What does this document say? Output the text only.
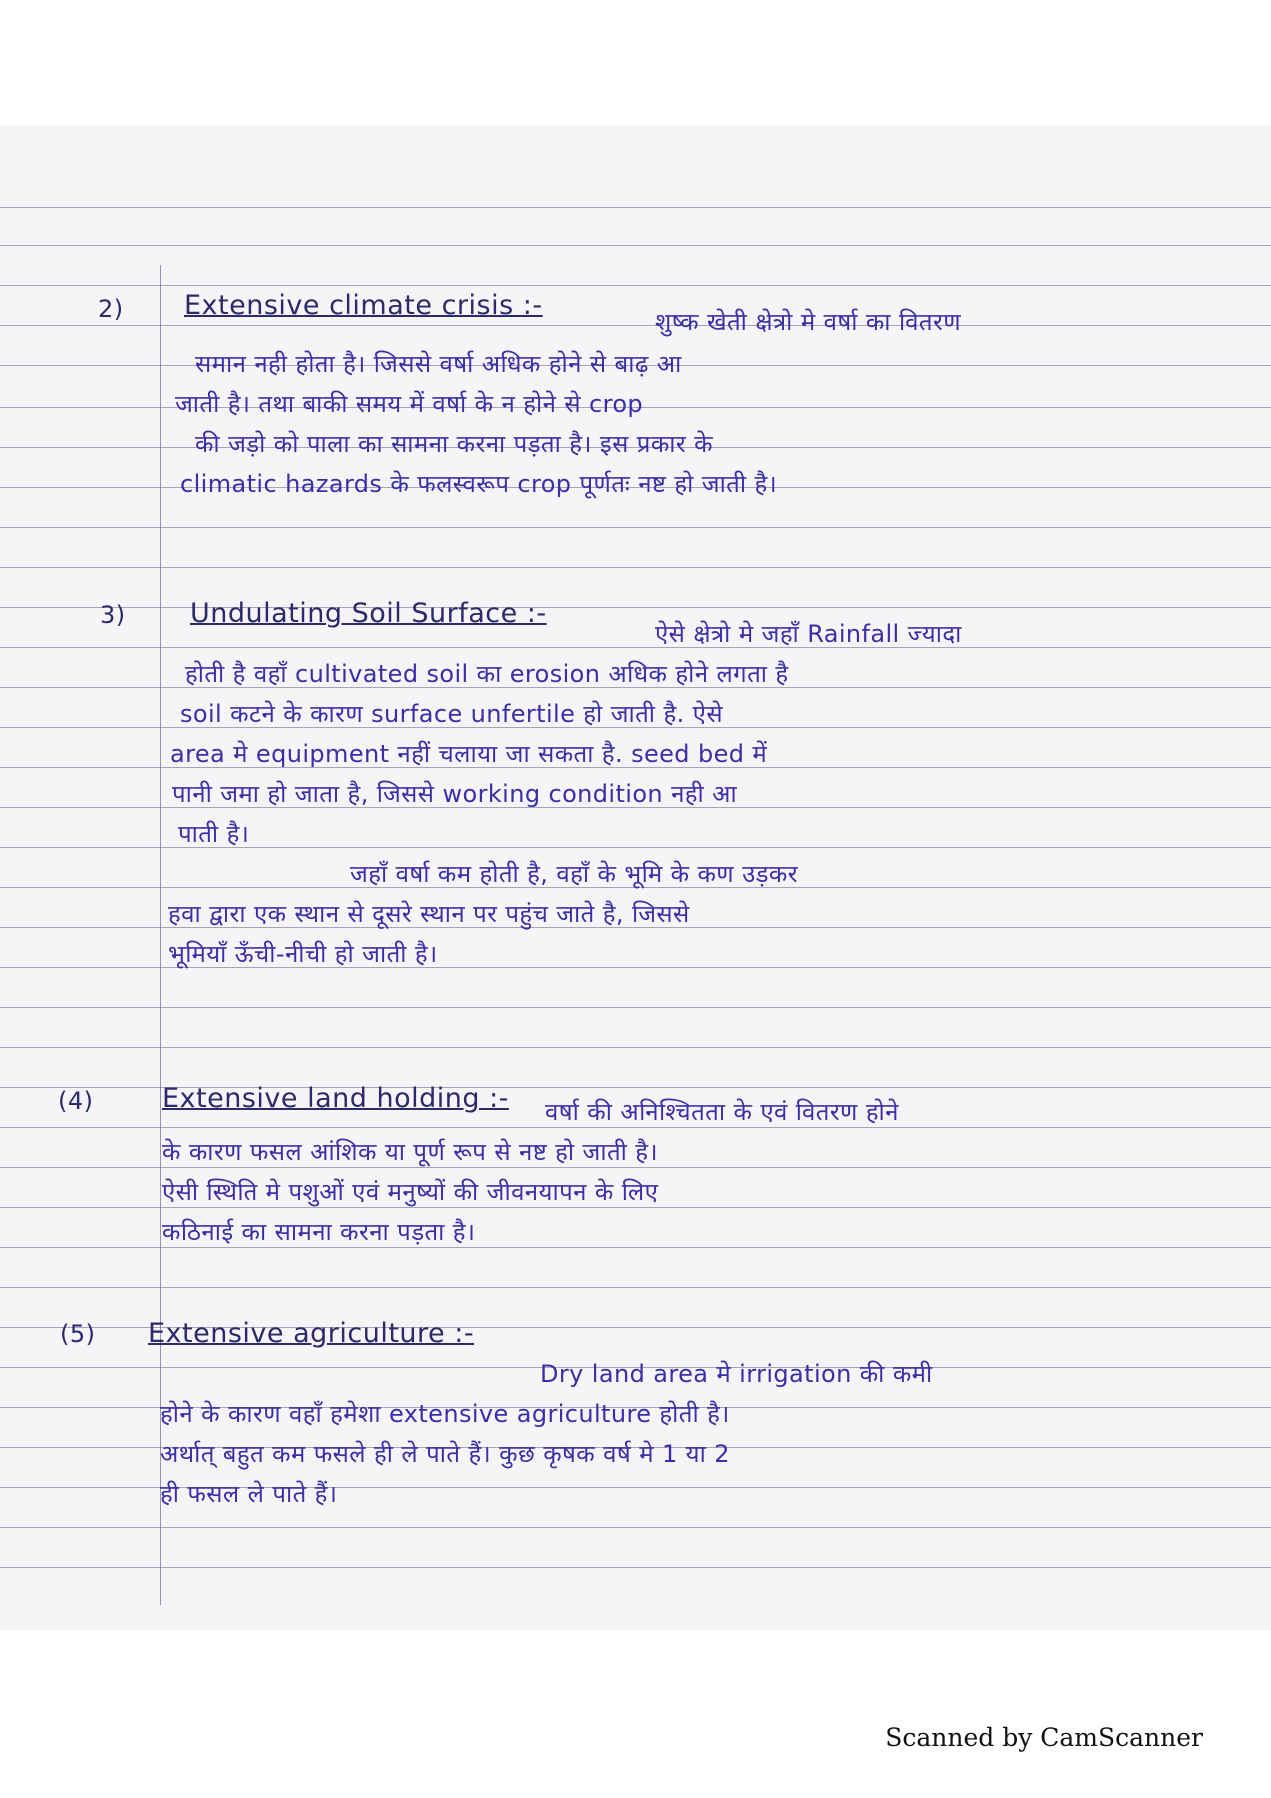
2) Extensive climate crisis :-
शुष्क खेती क्षेत्रो मे वर्षा का वितरण
समान नही होता है। जिससे वर्षा अधिक होने से बाढ़ आ
जाती है। तथा बाकी समय में वर्षा के न होने से crop
की जड़ो को पाला का सामना करना पड़ता है। इस प्रकार के
climatic hazards के फलस्वरूप crop पूर्णतः नष्ट हो जाती है।
3) Undulating Soil Surface :-
ऐसे क्षेत्रो मे जहाँ Rainfall ज्यादा
होती है वहाँ cultivated soil का erosion अधिक होने लगता है
soil कटने के कारण surface unfertile हो जाती है. ऐसे
area मे equipment नहीं चलाया जा सकता है. seed bed में
पानी जमा हो जाता है, जिससे working condition नही आ
पाती है।
जहाँ वर्षा कम होती है, वहाँ के भूमि के कण उड़कर
हवा द्वारा एक स्थान से दूसरे स्थान पर पहुंच जाते है, जिससे
भूमियाँ ऊँची-नीची हो जाती है।
(4)	Extensive land holding :- वर्षा की अनिश्चितता के एवं वितरण होने
के कारण फसल आंशिक या पूर्ण रूप से नष्ट हो जाती है।
ऐसी स्थिति मे पशुओं एवं मनुष्यों की जीवनयापन के लिए
कठिनाई का सामना करना पड़ता है।
(5) Extensive agriculture :-
Dry land area मे irrigation की कमी
होने के कारण वहाँ हमेशा extensive agriculture होती है।
अर्थात् बहुत कम फसले ही ले पाते हैं। कुछ कृषक वर्ष मे 1 या 2
ही फसल ले पाते हैं।
Scanned by CamScanner
